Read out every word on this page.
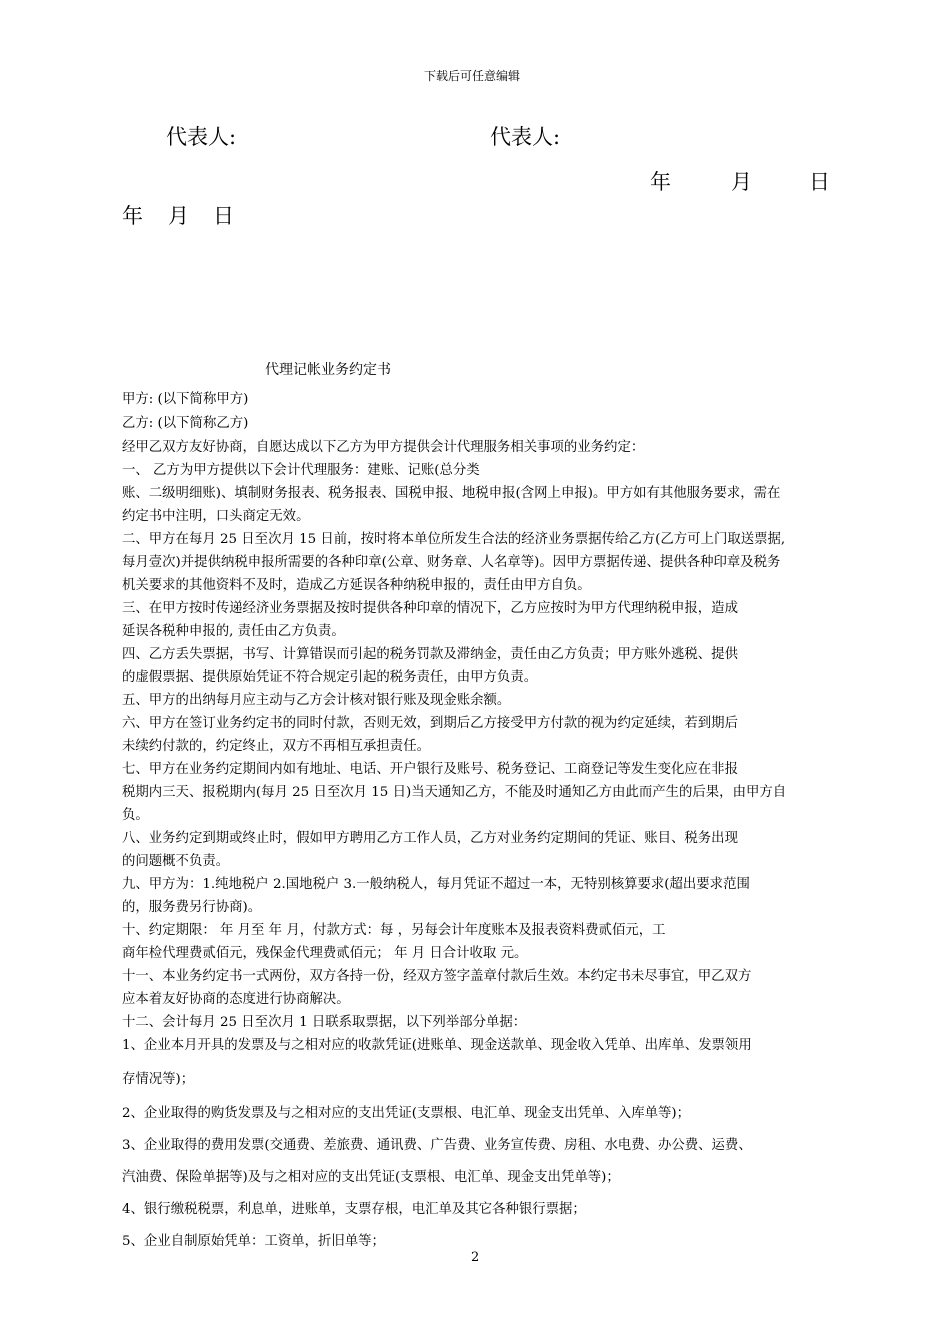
下载后可任意编辑
代表人:	代表人:
年	月	日
年 月 日
代理记帐业务约定书
甲方: (以下简称甲方)
乙方: (以下简称乙方)
经甲乙双方友好协商，自愿达成以下乙方为甲方提供会计代理服务相关事项的业务约定：
一、 乙方为甲方提供以下会计代理服务：建账、记账(总分类
账、二级明细账)、填制财务报表、税务报表、国税申报、地税申报(含网上申报)。甲方如有其他服务要求，需在
约定书中注明，口头商定无效。
二、甲方在每月 25 日至次月 15 日前，按时将本单位所发生合法的经济业务票据传给乙方(乙方可上门取送票据,
每月壹次)并提供纳税申报所需要的各种印章(公章、财务章、人名章等)。因甲方票据传递、提供各种印章及税务
机关要求的其他资料不及时，造成乙方延误各种纳税申报的，责任由甲方自负。
三、在甲方按时传递经济业务票据及按时提供各种印章的情况下，乙方应按时为甲方代理纳税申报，造成
延误各税种申报的, 责任由乙方负责。
四、乙方丢失票据，书写、计算错误而引起的税务罚款及滞纳金，责任由乙方负责；甲方账外逃税、提供
的虚假票据、提供原始凭证不符合规定引起的税务责任，由甲方负责。
五、甲方的出纳每月应主动与乙方会计核对银行账及现金账余额。
六、甲方在签订业务约定书的同时付款，否则无效，到期后乙方接受甲方付款的视为约定延续，若到期后
未续约付款的，约定终止，双方不再相互承担责任。
七、甲方在业务约定期间内如有地址、电话、开户银行及账号、税务登记、工商登记等发生变化应在非报
税期内三天、报税期内(每月 25 日至次月 15 日)当天通知乙方，不能及时通知乙方由此而产生的后果，由甲方自
负。
八、业务约定到期或终止时，假如甲方聘用乙方工作人员，乙方对业务约定期间的凭证、账目、税务出现
的问题概不负责。
九、甲方为：1.纯地税户 2.国地税户 3.一般纳税人，每月凭证不超过一本，无特别核算要求(超出要求范围
的，服务费另行协商)。
十、约定期限： 年 月至 年 月，付款方式：每 ，另每会计年度账本及报表资料费贰佰元，工
商年检代理费贰佰元，残保金代理费贰佰元； 年 月 日合计收取 元。
十一、本业务约定书一式两份，双方各持一份，经双方签字盖章付款后生效。本约定书未尽事宜，甲乙双方
应本着友好协商的态度进行协商解决。
十二、会计每月 25 日至次月 1 日联系取票据，以下列举部分单据：
1、企业本月开具的发票及与之相对应的收款凭证(进账单、现金送款单、现金收入凭单、出库单、发票领用
存情况等)；
2、企业取得的购货发票及与之相对应的支出凭证(支票根、电汇单、现金支出凭单、入库单等)；
3、企业取得的费用发票(交通费、差旅费、通讯费、广告费、业务宣传费、房租、水电费、办公费、运费、
汽油费、保险单据等)及与之相对应的支出凭证(支票根、电汇单、现金支出凭单等)；
4、银行缴税税票，利息单，进账单，支票存根，电汇单及其它各种银行票据；
5、企业自制原始凭单：工资单，折旧单等；
2
